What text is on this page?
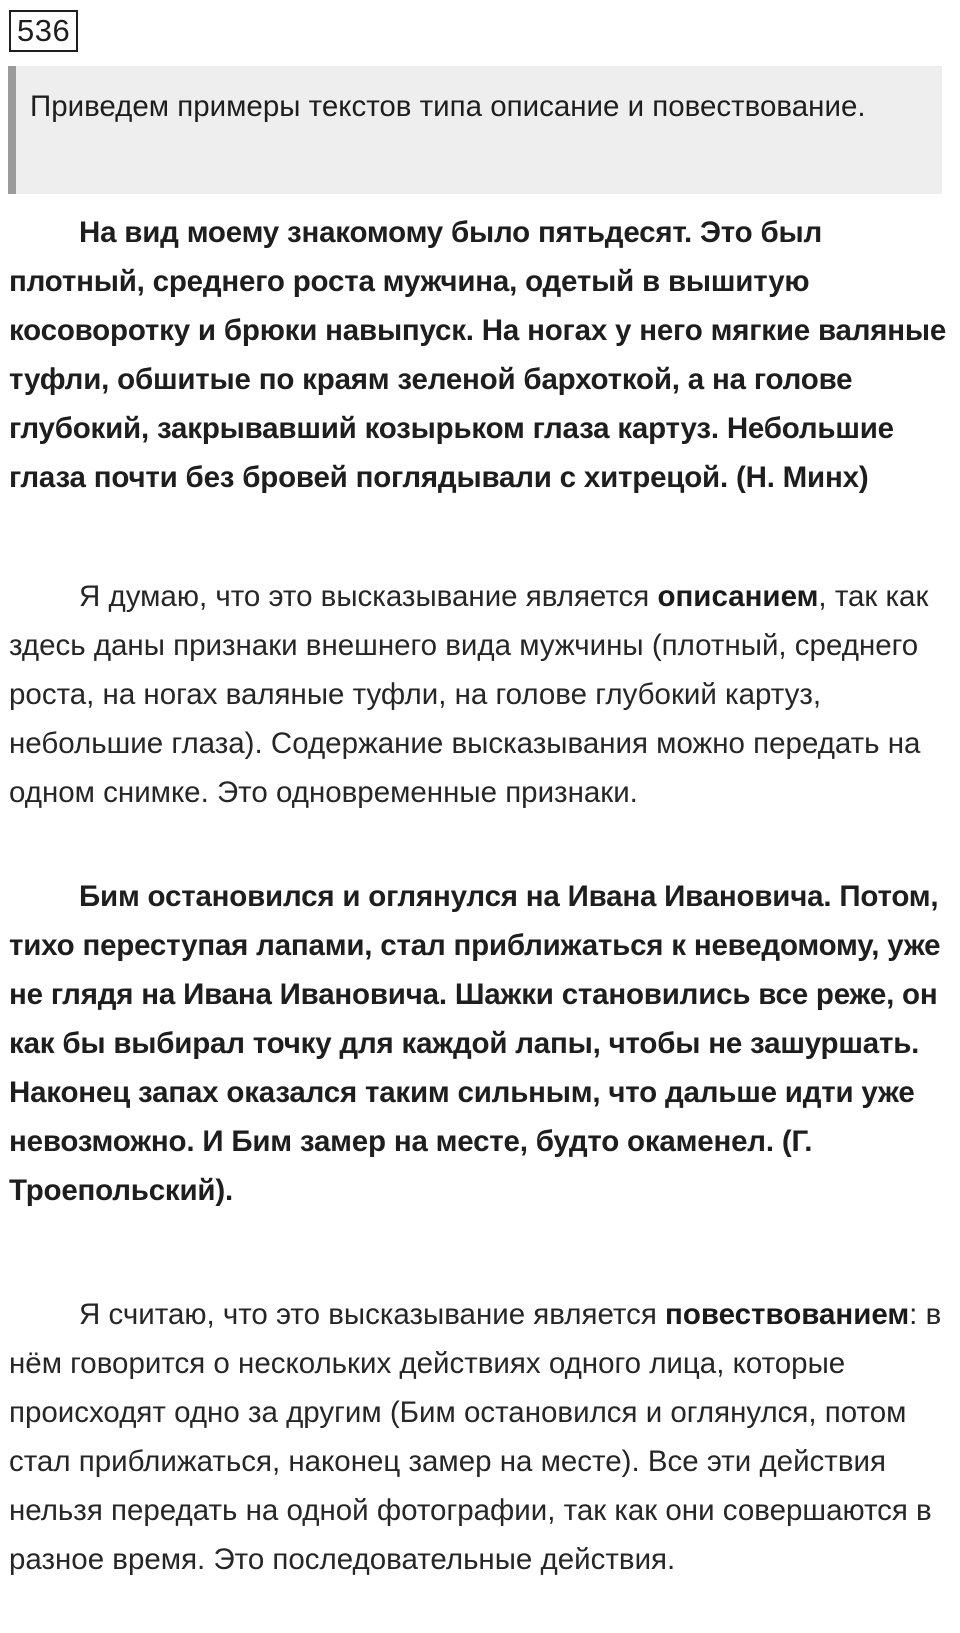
536

Приведем примеры текстов типа описание и повествование.

На вид моему знакомому было пятьдесят. Это был плотный, среднего роста мужчина, одетый в вышитую косоворотку и брюки навыпуск. На ногах у него мягкие валяные туфли, обшитые по краям зеленой бархоткой, а на голове глубокий, закрывавший козырьком глаза картуз. Небольшие глаза почти без бровей поглядывали с хитрецой. (Н. Минх)

Я думаю, что это высказывание является описанием, так как здесь даны признаки внешнего вида мужчины (плотный, среднего роста, на ногах валяные туфли, на голове глубокий картуз, небольшие глаза). Содержание высказывания можно передать на одном снимке. Это одновременные признаки.

Бим остановился и оглянулся на Ивана Ивановича. Потом, тихо переступая лапами, стал приближаться к неведомому, уже не глядя на Ивана Ивановича. Шажки становились все реже, он как бы выбирал точку для каждой лапы, чтобы не зашуршать. Наконец запах оказался таким сильным, что дальше идти уже невозможно. И Бим замер на месте, будто окаменел. (Г. Троепольский).

Я считаю, что это высказывание является повествованием: в нём говорится о нескольких действиях одного лица, которые происходят одно за другим (Бим остановился и оглянулся, потом стал приближаться, наконец замер на месте). Все эти действия нельзя передать на одной фотографии, так как они совершаются в разное время. Это последовательные действия.
